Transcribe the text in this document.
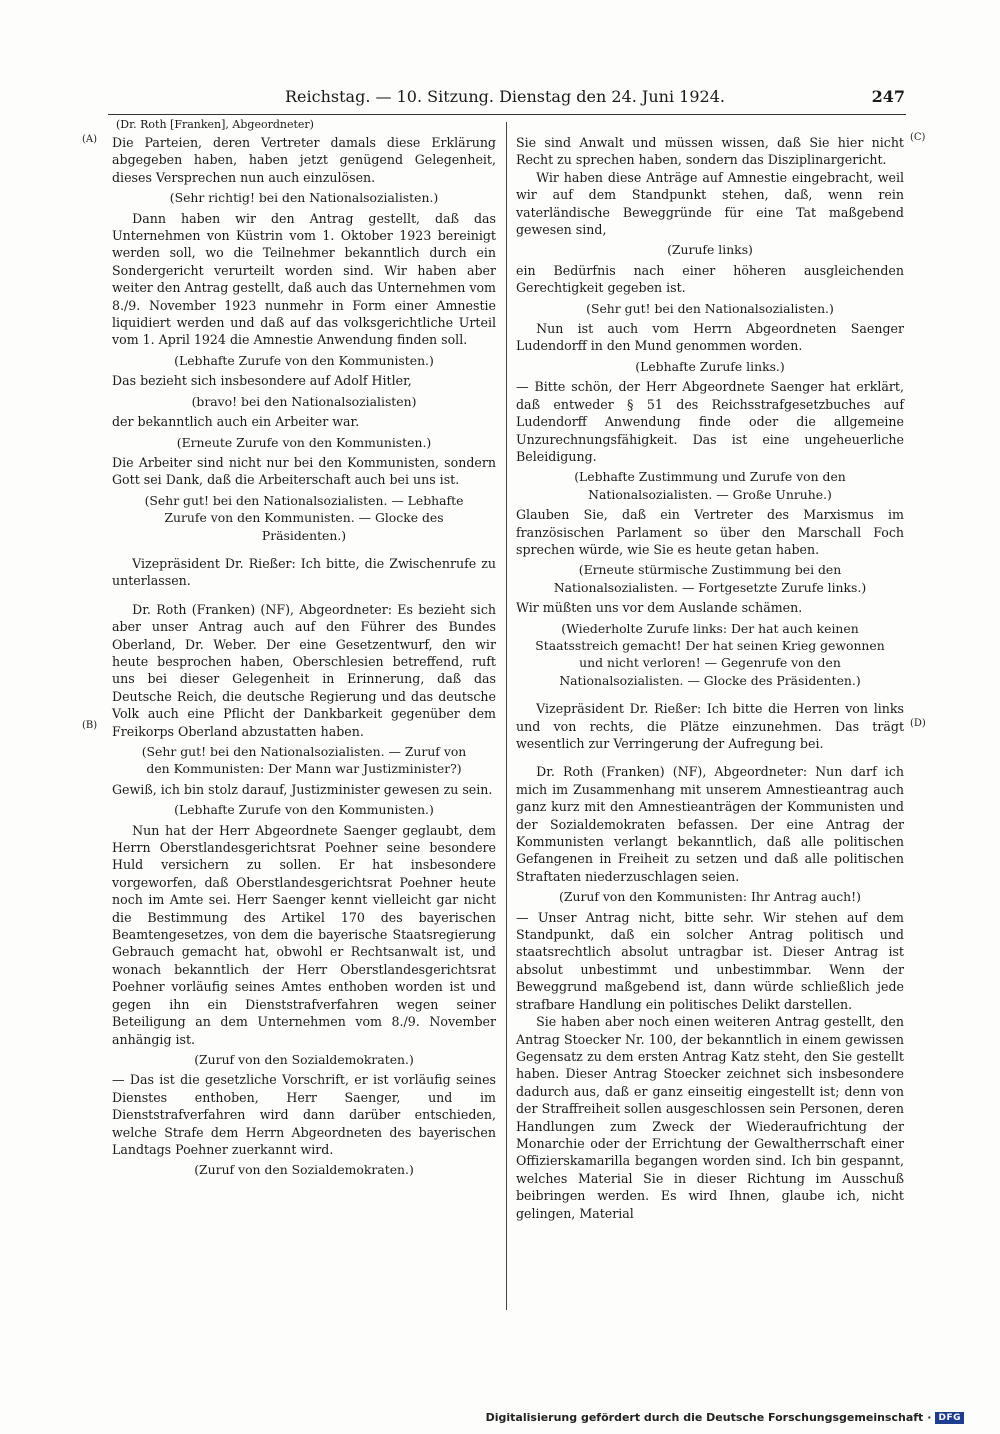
Reichstag. — 10. Sitzung. Dienstag den 24. Juni 1924.	247
(Dr. Roth [Franken], Abgeordneter)
(A)
(B)
(C)
(D)

Die Parteien, deren Vertreter damals diese Erklärung abgegeben haben, haben jetzt genügend Gelegenheit, dieses Versprechen nun auch einzulösen.

(Sehr richtig! bei den Nationalsozialisten.)

Dann haben wir den Antrag gestellt, daß das Unternehmen von Küstrin vom 1. Oktober 1923 bereinigt werden soll, wo die Teilnehmer bekanntlich durch ein Sondergericht verurteilt worden sind. Wir haben aber weiter den Antrag gestellt, daß auch das Unternehmen vom 8./9. November 1923 nunmehr in Form einer Amnestie liquidiert werden und daß auf das volksgerichtliche Urteil vom 1. April 1924 die Amnestie Anwendung finden soll.

(Lebhafte Zurufe von den Kommunisten.)

Das bezieht sich insbesondere auf Adolf Hitler,

(bravo! bei den Nationalsozialisten)

der bekanntlich auch ein Arbeiter war.

(Erneute Zurufe von den Kommunisten.)

Die Arbeiter sind nicht nur bei den Kommunisten, sondern Gott sei Dank, daß die Arbeiterschaft auch bei uns ist.

(Sehr gut! bei den Nationalsozialisten. — Lebhafte Zurufe von den Kommunisten. — Glocke des Präsidenten.)

Vizepräsident Dr. Rießer: Ich bitte, die Zwischenrufe zu unterlassen.

Dr. Roth (Franken) (NF), Abgeordneter: Es bezieht sich aber unser Antrag auch auf den Führer des Bundes Oberland, Dr. Weber. Der eine Gesetzentwurf, den wir heute besprochen haben, Oberschlesien betreffend, ruft uns bei dieser Gelegenheit in Erinnerung, daß das Deutsche Reich, die deutsche Regierung und das deutsche Volk auch eine Pflicht der Dankbarkeit gegenüber dem Freikorps Oberland abzustatten haben.

(Sehr gut! bei den Nationalsozialisten. — Zuruf von den Kommunisten: Der Mann war Justizminister?)

Gewiß, ich bin stolz darauf, Justizminister gewesen zu sein.

(Lebhafte Zurufe von den Kommunisten.)

Nun hat der Herr Abgeordnete Saenger geglaubt, dem Herrn Oberstlandesgerichtsrat Poehner seine besondere Huld versichern zu sollen. Er hat insbesondere vorgeworfen, daß Oberstlandesgerichtsrat Poehner heute noch im Amte sei. Herr Saenger kennt vielleicht gar nicht die Bestimmung des Artikel 170 des bayerischen Beamtengesetzes, von dem die bayerische Staatsregierung Gebrauch gemacht hat, obwohl er Rechtsanwalt ist, und wonach bekanntlich der Herr Oberstlandesgerichtsrat Poehner vorläufig seines Amtes enthoben worden ist und gegen ihn ein Dienststrafverfahren wegen seiner Beteiligung an dem Unternehmen vom 8./9. November anhängig ist.

(Zuruf von den Sozialdemokraten.)

— Das ist die gesetzliche Vorschrift, er ist vorläufig seines Dienstes enthoben, Herr Saenger, und im Dienststrafverfahren wird dann darüber entschieden, welche Strafe dem Herrn Abgeordneten des bayerischen Landtags Poehner zuerkannt wird.

(Zuruf von den Sozialdemokraten.)

Sie sind Anwalt und müssen wissen, daß Sie hier nicht Recht zu sprechen haben, sondern das Disziplinargericht.

Wir haben diese Anträge auf Amnestie eingebracht, weil wir auf dem Standpunkt stehen, daß, wenn rein vaterländische Beweggründe für eine Tat maßgebend gewesen sind,

(Zurufe links)

ein Bedürfnis nach einer höheren ausgleichenden Gerechtigkeit gegeben ist.

(Sehr gut! bei den Nationalsozialisten.)

Nun ist auch vom Herrn Abgeordneten Saenger Ludendorff in den Mund genommen worden.

(Lebhafte Zurufe links.)

— Bitte schön, der Herr Abgeordnete Saenger hat erklärt, daß entweder § 51 des Reichsstrafgesetzbuches auf Ludendorff Anwendung finde oder die allgemeine Unzurechnungsfähigkeit. Das ist eine ungeheuerliche Beleidigung.

(Lebhafte Zustimmung und Zurufe von den Nationalsozialisten. — Große Unruhe.)

Glauben Sie, daß ein Vertreter des Marxismus im französischen Parlament so über den Marschall Foch sprechen würde, wie Sie es heute getan haben.

(Erneute stürmische Zustimmung bei den Nationalsozialisten. — Fortgesetzte Zurufe links.)

Wir müßten uns vor dem Auslande schämen.

(Wiederholte Zurufe links: Der hat auch keinen Staatsstreich gemacht! Der hat seinen Krieg gewonnen und nicht verloren! — Gegenrufe von den Nationalsozialisten. — Glocke des Präsidenten.)

Vizepräsident Dr. Rießer: Ich bitte die Herren von links und von rechts, die Plätze einzunehmen. Das trägt wesentlich zur Verringerung der Aufregung bei.

Dr. Roth (Franken) (NF), Abgeordneter: Nun darf ich mich im Zusammenhang mit unserem Amnestieantrag auch ganz kurz mit den Amnestieanträgen der Kommunisten und der Sozialdemokraten befassen. Der eine Antrag der Kommunisten verlangt bekanntlich, daß alle politischen Gefangenen in Freiheit zu setzen und daß alle politischen Straftaten niederzuschlagen seien.

(Zuruf von den Kommunisten: Ihr Antrag auch!)

— Unser Antrag nicht, bitte sehr. Wir stehen auf dem Standpunkt, daß ein solcher Antrag politisch und staatsrechtlich absolut untragbar ist. Dieser Antrag ist absolut unbestimmt und unbestimmbar. Wenn der Beweggrund maßgebend ist, dann würde schließlich jede strafbare Handlung ein politisches Delikt darstellen.

Sie haben aber noch einen weiteren Antrag gestellt, den Antrag Stoecker Nr. 100, der bekanntlich in einem gewissen Gegensatz zu dem ersten Antrag Katz steht, den Sie gestellt haben. Dieser Antrag Stoecker zeichnet sich insbesondere dadurch aus, daß er ganz einseitig eingestellt ist; denn von der Straffreiheit sollen ausgeschlossen sein Personen, deren Handlungen zum Zweck der Wiederaufrichtung der Monarchie oder der Errichtung der Gewaltherrschaft einer Offizierskamarilla begangen worden sind. Ich bin gespannt, welches Material Sie in dieser Richtung im Ausschuß beibringen werden. Es wird Ihnen, glaube ich, nicht gelingen, Material

Digitalisierung gefördert durch die Deutsche Forschungsgemeinschaft · DFG
